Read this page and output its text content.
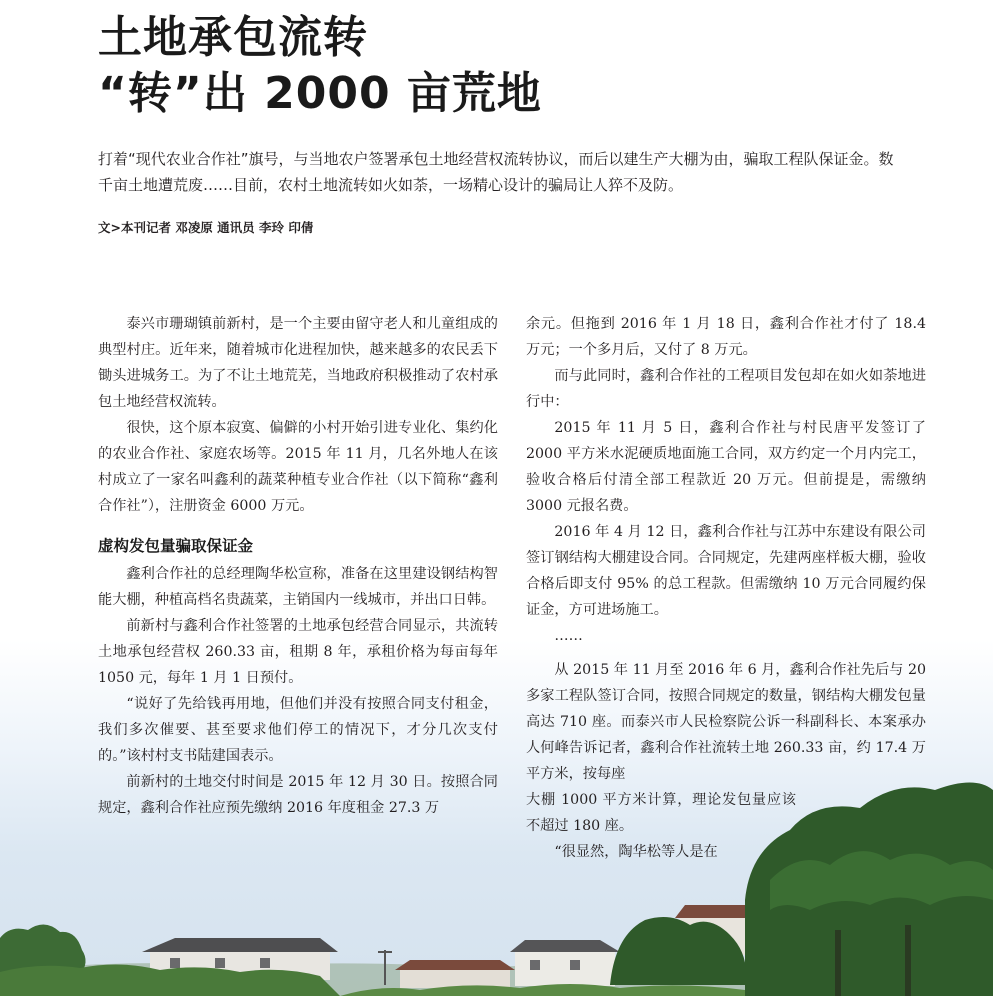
土地承包流转
“转”出 2000 亩荒地

打着“现代农业合作社”旗号，与当地农户签署承包土地经营权流转协议，而后以建生产大棚为由，骗取工程队保证金。数千亩土地遭荒废……目前，农村土地流转如火如荼，一场精心设计的骗局让人猝不及防。

文>本刊记者 邓凌原 通讯员 李玲 印倩

泰兴市珊瑚镇前新村，是一个主要由留守老人和儿童组成的典型村庄。近年来，随着城市化进程加快，越来越多的农民丢下锄头进城务工。为了不让土地荒芜，当地政府积极推动了农村承包土地经营权流转。

很快，这个原本寂寞、偏僻的小村开始引进专业化、集约化的农业合作社、家庭农场等。2015 年 11 月，几名外地人在该村成立了一家名叫鑫利的蔬菜种植专业合作社（以下简称“鑫利合作社”），注册资金 6000 万元。

虚构发包量骗取保证金

鑫利合作社的总经理陶华松宣称，准备在这里建设钢结构智能大棚，种植高档名贵蔬菜，主销国内一线城市，并出口日韩。

前新村与鑫利合作社签署的土地承包经营合同显示，共流转土地承包经营权 260.33 亩，租期 8 年，承租价格为每亩每年 1050 元，每年 1 月 1 日预付。

“说好了先给钱再用地，但他们并没有按照合同支付租金，我们多次催要、甚至要求他们停工的情况下，才分几次支付的。”该村村支书陆建国表示。

前新村的土地交付时间是 2015 年 12 月 30 日。按照合同规定，鑫利合作社应预先缴纳 2016 年度租金 27.3 万

余元。但拖到 2016 年 1 月 18 日，鑫利合作社才付了 18.4 万元；一个多月后，又付了 8 万元。

而与此同时，鑫利合作社的工程项目发包却在如火如荼地进行中：

2015 年 11 月 5 日，鑫利合作社与村民唐平发签订了 2000 平方米水泥硬质地面施工合同，双方约定一个月内完工，验收合格后付清全部工程款近 20 万元。但前提是，需缴纳 3000 元报名费。

2016 年 4 月 12 日，鑫利合作社与江苏中东建设有限公司签订钢结构大棚建设合同。合同规定，先建两座样板大棚，验收合格后即支付 95% 的总工程款。但需缴纳 10 万元合同履约保证金，方可进场施工。

……

从 2015 年 11 月至 2016 年 6 月，鑫利合作社先后与 20 多家工程队签订合同，按照合同规定的数量，钢结构大棚发包量高达 710 座。而泰兴市人民检察院公诉一科副科长、本案承办人何峰告诉记者，鑫利合作社流转土地 260.33 亩，约 17.4 万平方米，按每座

大棚 1000 平方米计算，理论发包量应该不超过 180 座。

“很显然，陶华松等人是在
